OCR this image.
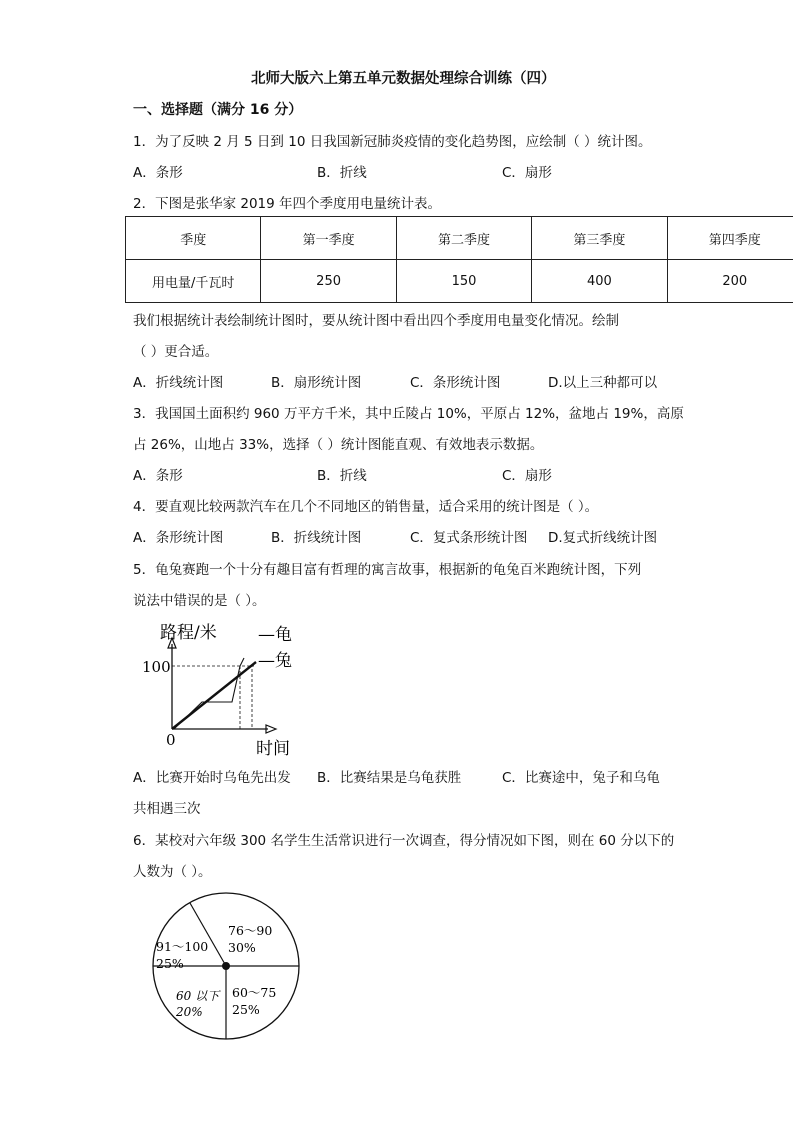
北师大版六上第五单元数据处理综合训练（四）
一、选择题（满分 16 分）
1．为了反映 2 月 5 日到 10 日我国新冠肺炎疫情的变化趋势图，应绘制（ ）统计图。
A．条形	B．折线	C．扇形
2．下图是张华家 2019 年四个季度用电量统计表。
季度	第一季度	第二季度	第三季度	第四季度
用电量/千瓦时	250	150	400	200
我们根据统计表绘制统计图时，要从统计图中看出四个季度用电量变化情况。绘制
（ ）更合适。
A．折线统计图	B．扇形统计图	C．条形统计图	D.以上三种都可以
3．我国国土面积约 960 万平方千米，其中丘陵占 10%，平原占 12%，盆地占 19%，高原
占 26%，山地占 33%，选择（ ）统计图能直观、有效地表示数据。
A．条形	B．折线	C．扇形
4．要直观比较两款汽车在几个不同地区的销售量，适合采用的统计图是（ ）。
A．条形统计图	B．折线统计图	C．复式条形统计图 D.复式折线统计图
5．龟兔赛跑一个十分有趣目富有哲理的寓言故事，根据新的龟兔百米跑统计图，下列
说法中错误的是（ ）。
路程/米
100
0	时间
—龟
—兔
A．比赛开始时乌龟先出发 B．比赛结果是乌龟获胜	C．比赛途中，兔子和乌龟
共相遇三次
6．某校对六年级 300 名学生生活常识进行一次调查，得分情况如下图，则在 60 分以下的
人数为（ ）。
76～90
30%
91～100
25%
60 以下
20%
60～75
25%
